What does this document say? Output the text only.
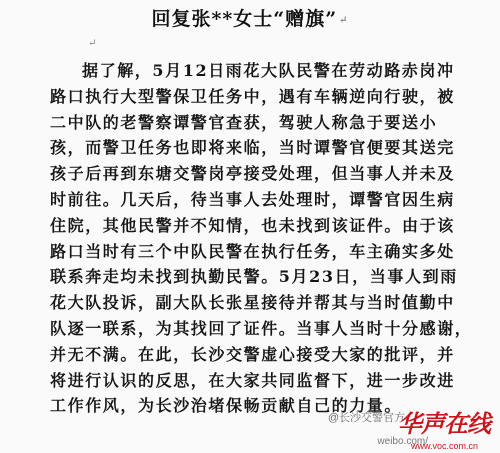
回复张**女士“赠旗” ↵
↵
据了解，5月12日雨花大队民警在劳动路赤岗冲
路口执行大型警保卫任务中，遇有车辆逆向行驶，被
二中队的老警察谭警官查获，驾驶人称急于要送小
孩，而警卫任务也即将来临，当时谭警官便要其送完
孩子后再到东塘交警岗亭接受处理，但当事人并未及
时前往。几天后，待当事人去处理时，谭警官因生病
住院，其他民警并不知情，也未找到该证件。由于该
路口当时有三个中队民警在执行任务，车主确实多处
联系奔走均未找到执勤民警。5月23日，当事人到雨
花大队投诉，副大队长张星接待并帮其与当时值勤中
队逐一联系，为其找回了证件。当事人当时十分感谢，
并无不满。在此，长沙交警虚心接受大家的批评，并
将进行认识的反思，在大家共同监督下，进一步改进
工作作风，为长沙治堵保畅贡献自己的力量。
@长沙交警官方
weibo.com/
华声在线
www.voc.com.cn
